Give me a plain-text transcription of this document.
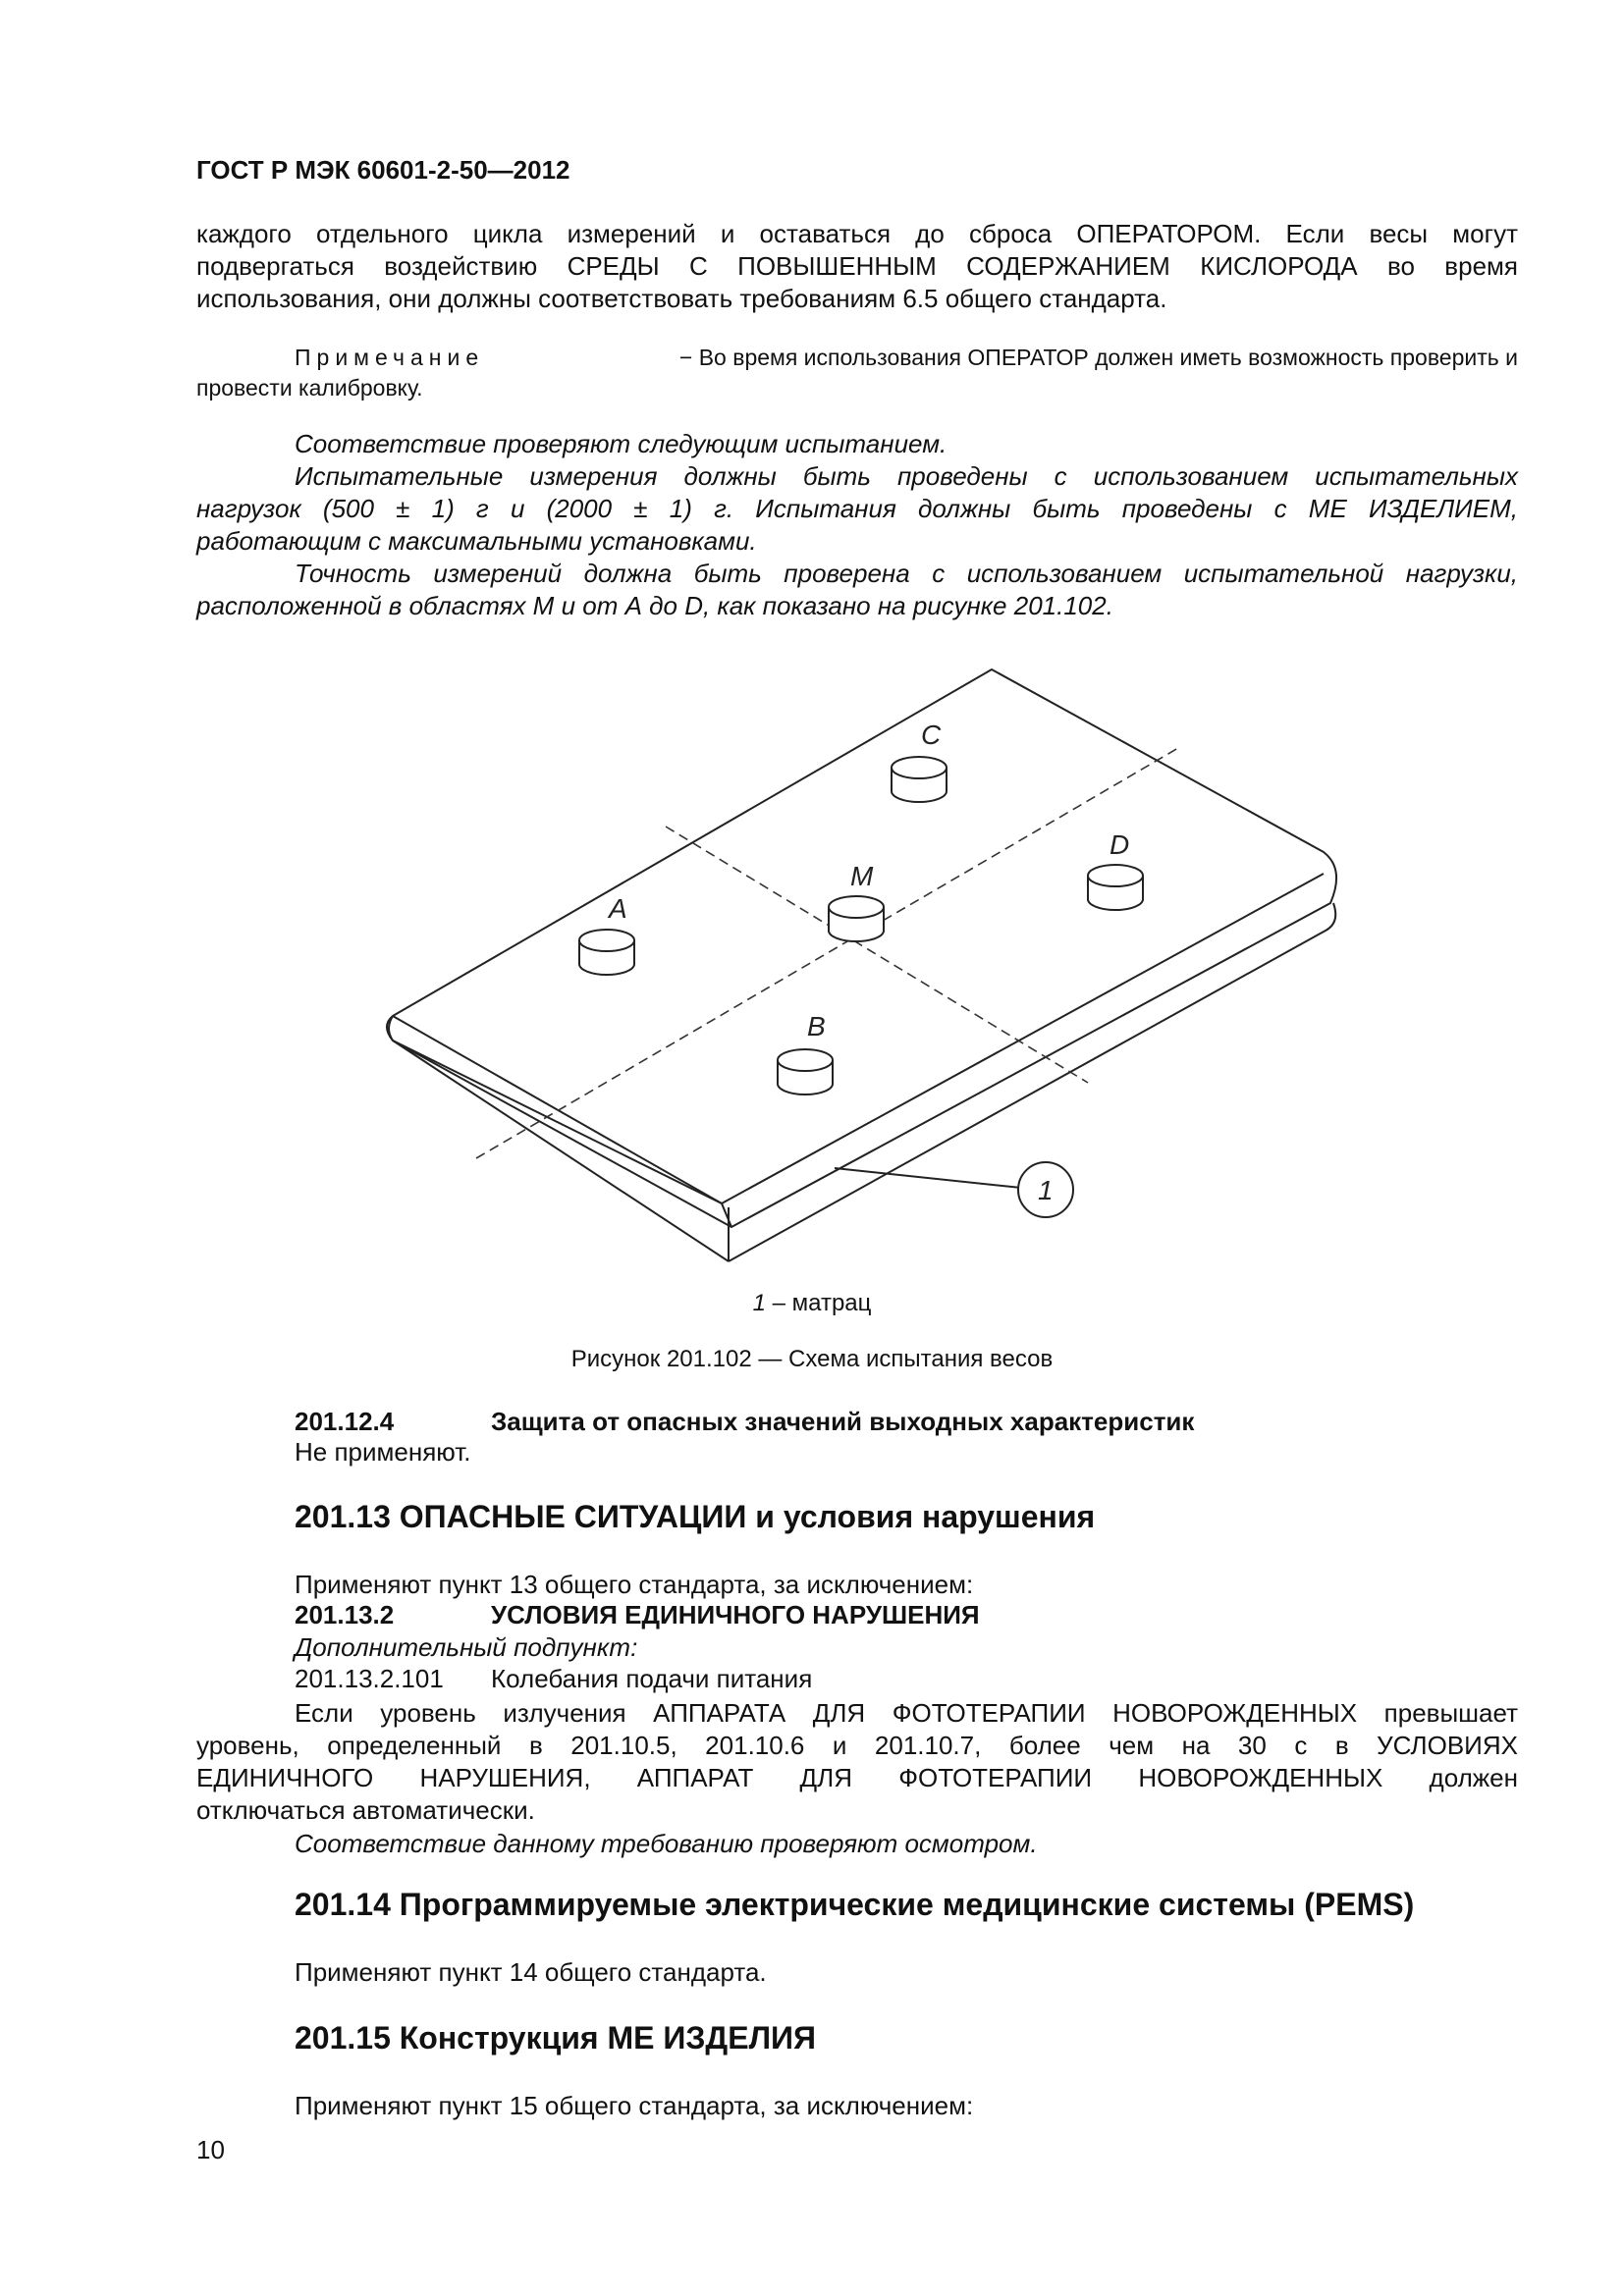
ГОСТ Р МЭК 60601-2-50—2012

каждого отдельного цикла измерений и оставаться до сброса ОПЕРАТОРОМ. Если весы могут

подвергаться воздействию СРЕДЫ С ПОВЫШЕННЫМ СОДЕРЖАНИЕМ КИСЛОРОДА во время

использования, они должны соответствовать требованиям 6.5 общего стандарта.

Примечание	− Во время использования ОПЕРАТОР должен иметь возможность проверить и

провести калибровку.

Соответствие проверяют следующим испытанием.

Испытательные измерения должны быть проведены с использованием испытательных

нагрузок (500 ± 1) г и (2000 ± 1) г. Испытания должны быть проведены с МЕ ИЗДЕЛИЕМ,

работающим с максимальными установками.

Точность измерений должна быть проверена с использованием испытательной нагрузки,

расположенной в областях М и от А до D, как показано на рисунке 201.102.

A
B
C
D
M
1
1 – матрац
Рисунок 201.102 — Схема испытания весов
201.12.4	Защита от опасных значений выходных характеристик

Не применяют.

201.13 ОПАСНЫЕ СИТУАЦИИ и условия нарушения

Применяют пункт 13 общего стандарта, за исключением:

201.13.2	УСЛОВИЯ ЕДИНИЧНОГО НАРУШЕНИЯ

Дополнительный подпункт:

201.13.2.101 Колебания подачи питания

Если уровень излучения АППАРАТА ДЛЯ ФОТОТЕРАПИИ НОВОРОЖДЕННЫХ превышает

уровень, определенный в 201.10.5, 201.10.6 и 201.10.7, более чем на 30 с в УСЛОВИЯХ

ЕДИНИЧНОГО НАРУШЕНИЯ, АППАРАТ ДЛЯ ФОТОТЕРАПИИ НОВОРОЖДЕННЫХ должен

отключаться автоматически.

Соответствие данному требованию проверяют осмотром.

201.14 Программируемые электрические медицинские системы (PEMS)

Применяют пункт 14 общего стандарта.

201.15 Конструкция МЕ ИЗДЕЛИЯ

Применяют пункт 15 общего стандарта, за исключением:

10
